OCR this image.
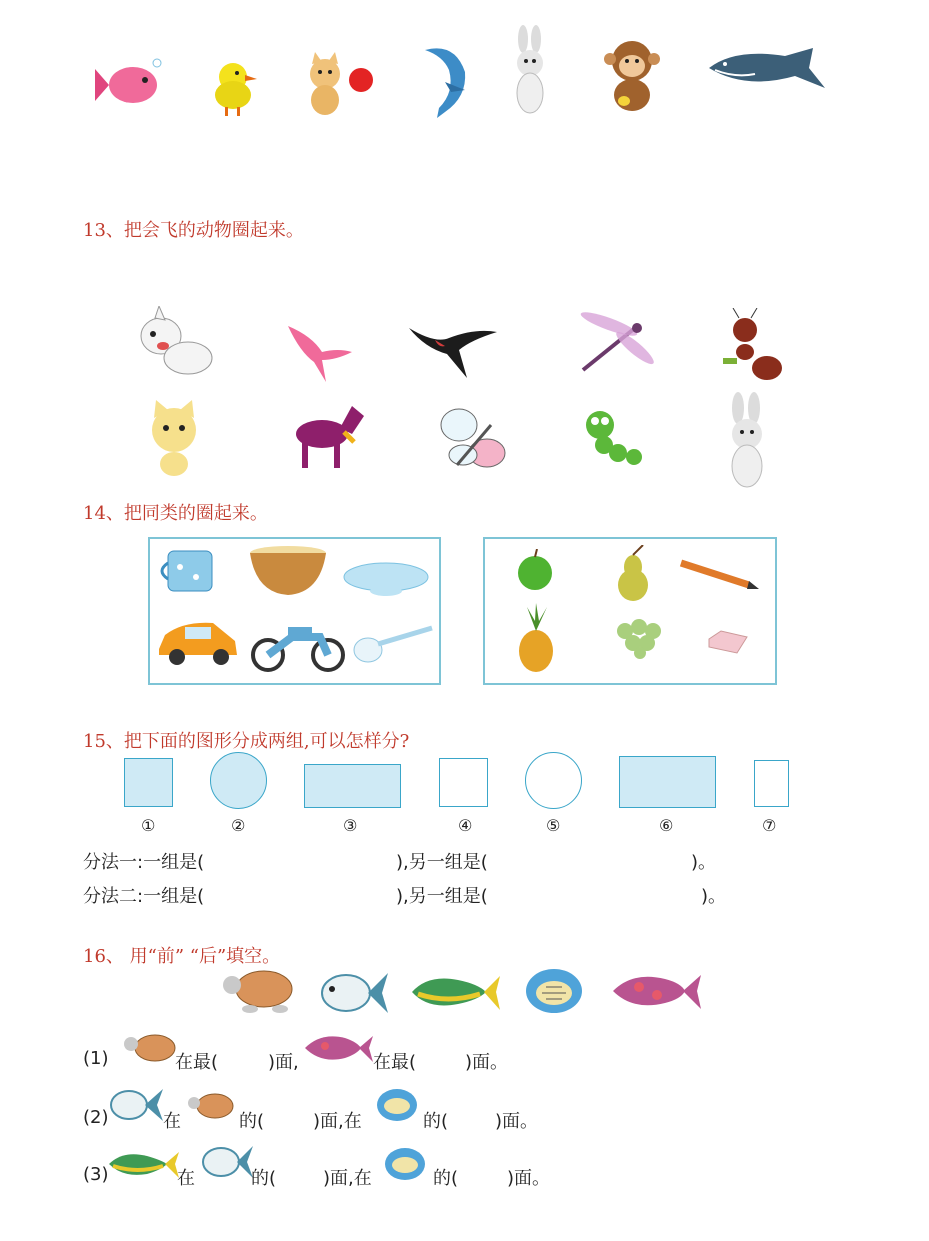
13、把会飞的动物圈起来。
14、把同类的圈起来。
15、把下面的图形分成两组,可以怎样分?
①	②	③	④	⑤	⑥	⑦
分法一:一组是(	),另一组是(	)。
分法二:一组是(	),另一组是(	)。
16、 用“前” “后”填空。
(1)	在最(	)面,	在最(	)面。
(2)	在	的(	)面,在	的(	)面。
(3)	在	的(	)面,在	的(	)面。
